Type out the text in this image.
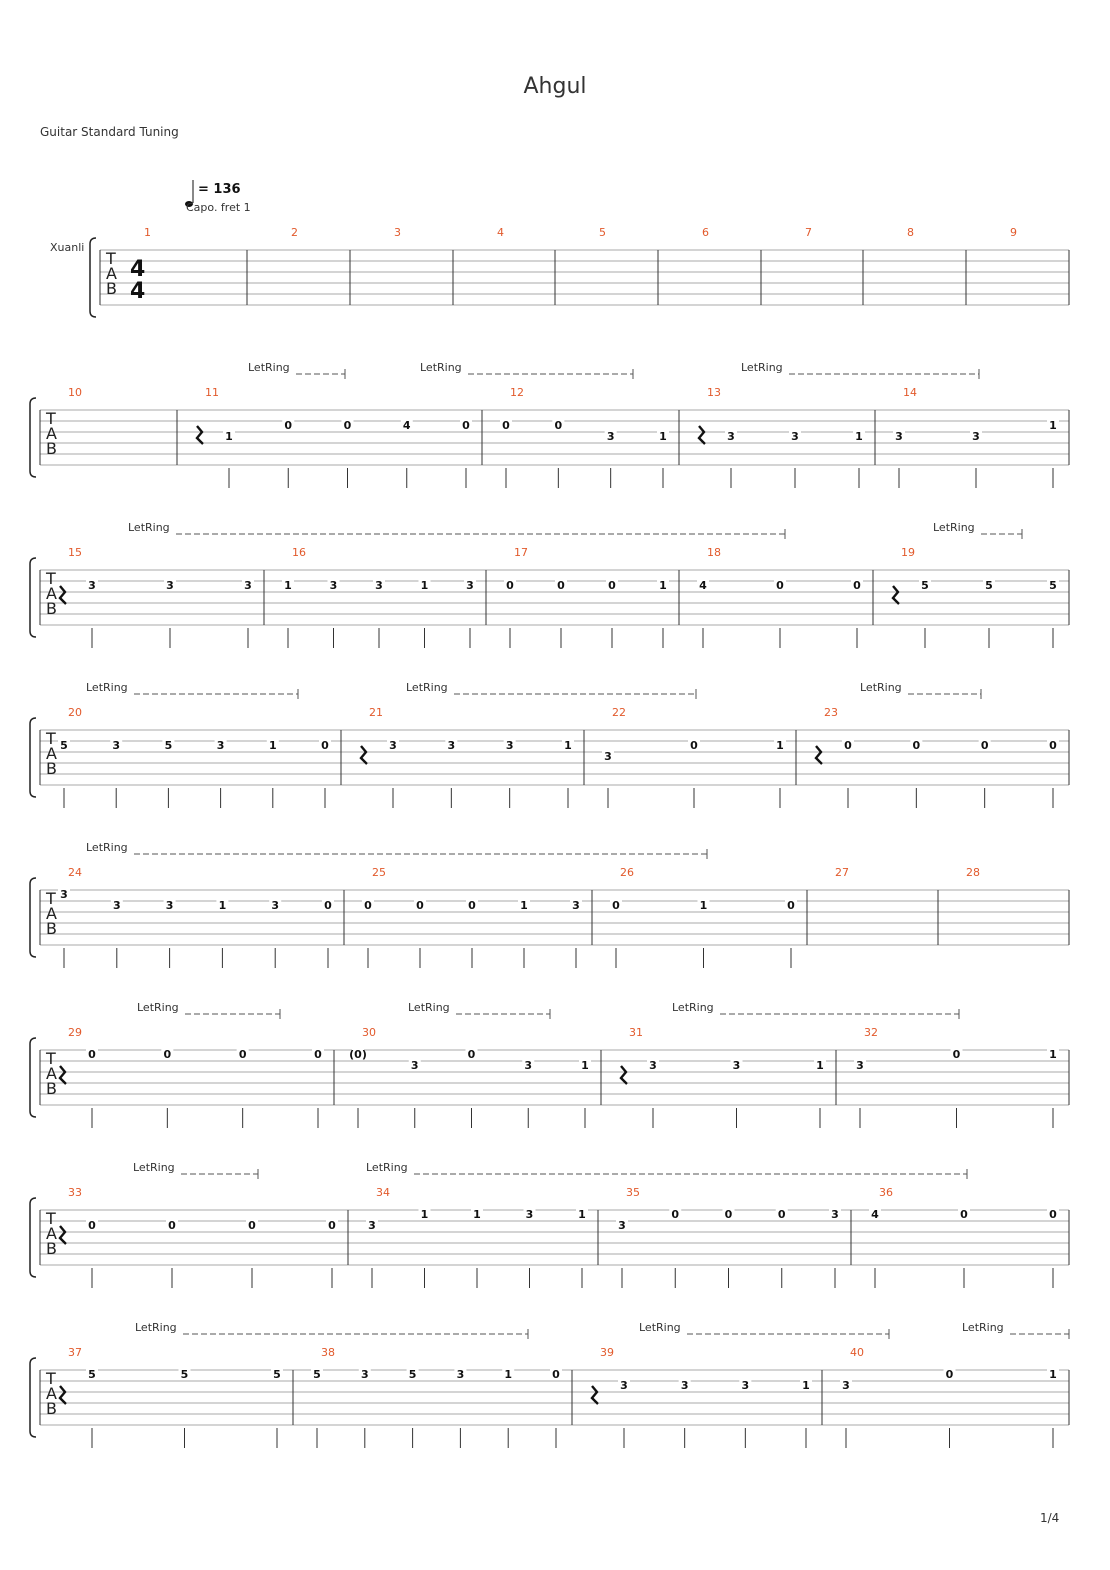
Ahgul
Guitar Standard Tuning
1/4
= 136
Capo. fret 1
Xuanli
T
A
B
4
4
1	2	3	4	5	6	7	8	9
T
A
B
LetRing	LetRing	LetRing
10	11
1
0	0	4	0
12
0	0
3	1
13
3	3	1
14
3	3
1
T
A
B
LetRing	LetRing
15
3	3	3
16
1	3	3	1	3
17
0	0	0	1
18
4	0	0
19
5	5	5
T
A
B
LetRing	LetRing	LetRing
20
5	3	5	3	1	0
21
3	3	3	1
22
3
0	1
23
0	0	0	0
T
A
B
LetRing
24
3
3	3	1	3	0
25
0	0	0	1	3
26
0	1	0
27	28
T
A
B
LetRing	LetRing	LetRing
29
0	0	0	0
30
(0)
3
0
3	1
31
3	3	1
32
3
0	1
T
A
B
LetRing	LetRing
33
0	0	0	0
34
3
1	1	3	1
35
3
0	0	0	3
36
4	0	0
T
A
B
LetRing	LetRing	LetRing
37
5	5	5
38
5	3	5	3	1	0
39
3	3	3	1
40
3
0	1
